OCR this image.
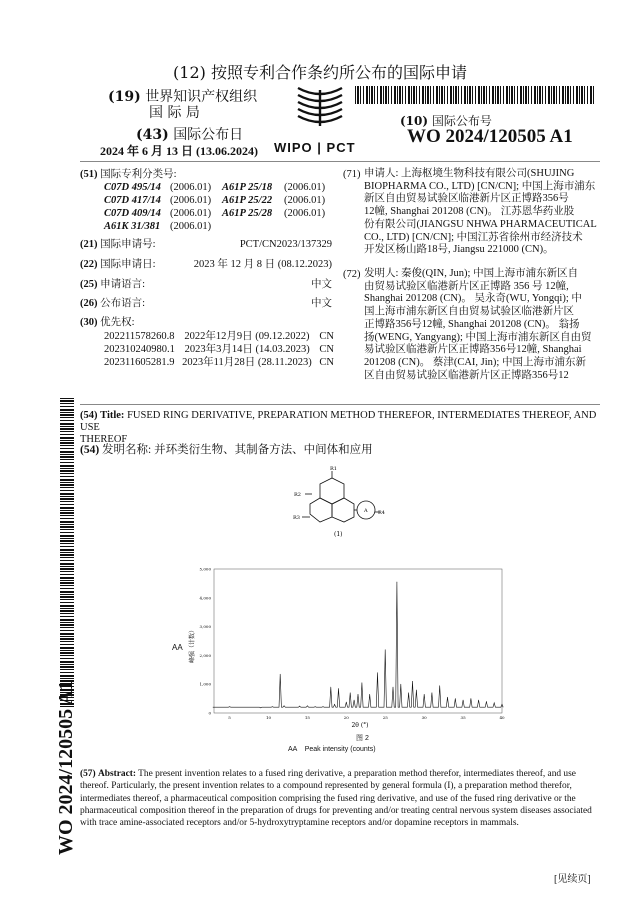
(12) 按照专利合作条约所公布的国际申请
(19) 世界知识产权组织
国 际 局
(43) 国际公布日
2024 年 6 月 13 日 (13.06.2024) WIPO | PCT
(10) 国际公布号
WO 2024/120505 A1
(51) 国际专利分类号:
C07D 495/14 (2006.01)	A61P 25/18	(2006.01)
C07D 417/14 (2006.01)	A61P 25/22	(2006.01)
C07D 409/14 (2006.01)	A61P 25/28	(2006.01)
A61K 31/381 (2006.01)
(21) 国际申请号:	PCT/CN2023/137329
(22) 国际申请日:	2023 年 12 月 8 日 (08.12.2023)
(25) 申请语言:	中文
(26) 公布语言:	中文
(30) 优先权:
202211578260.8 2022年12月9日 (09.12.2022) CN
202310240980.1 2023年3月14日 (14.03.2023) CN
202311605281.9 2023年11月28日 (28.11.2023) CN
(71) 申请人: 上海枢境生物科技有限公司(SHUJING
BIOPHARMA CO., LTD) [CN/CN]; 中国上海市浦东
新区自由贸易试验区临港新片区正博路356号
12幢, Shanghai 201208 (CN)。 江苏恩华药业股
份有限公司(JIANGSU NHWA PHARMACEUTICAL
CO., LTD) [CN/CN]; 中国江苏省徐州市经济技术
开发区杨山路18号, Jiangsu 221000 (CN)。
(72) 发明人: 秦俊(QIN, Jun); 中国上海市浦东新区自
由贸易试验区临港新片区正博路 356 号 12幢,
Shanghai 201208 (CN)。 吴永奇(WU, Yongqi); 中
国上海市浦东新区自由贸易试验区临港新片区
正博路356号12幢, Shanghai 201208 (CN)。 翁扬
扬(WENG, Yangyang); 中国上海市浦东新区自由贸
易试验区临港新片区正博路356号12幢, Shanghai
201208 (CN)。 蔡津(CAI, Jin); 中国上海市浦东新
区自由贸易试验区临港新片区正博路356号12
WO 2024/120505 A1
(54) Title: FUSED RING DERIVATIVE, PREPARATION METHOD THEREFOR, INTERMEDIATES THEREOF, AND USE
THEREOF
(54) 发明名称: 并环类衍生物、其制备方法、中间体和应用
R1
R2
R3
R4
A
(1)
AA 峰强（计数）
2θ (°)
5,000
4,000
3,000
2,000
1,000
0
5	10	15	20	25	30	35	40
图 2
AA    Peak intensity (counts)
(57) Abstract: The present invention relates to a fused ring derivative, a preparation method therefor, intermediates thereof, and use
thereof. Particularly, the present invention relates to a compound represented by general formula (I), a preparation method therefor,
intermediates thereof, a pharmaceutical composition comprising the fused ring derivative, and use of the fused ring derivative or the
pharmaceutical composition thereof in the preparation of drugs for preventing and/or treating central nervous system diseases associated
with trace amine-associated receptors and/or 5-hydroxytryptamine receptors and/or dopamine receptors in mammals.
[见续页]
